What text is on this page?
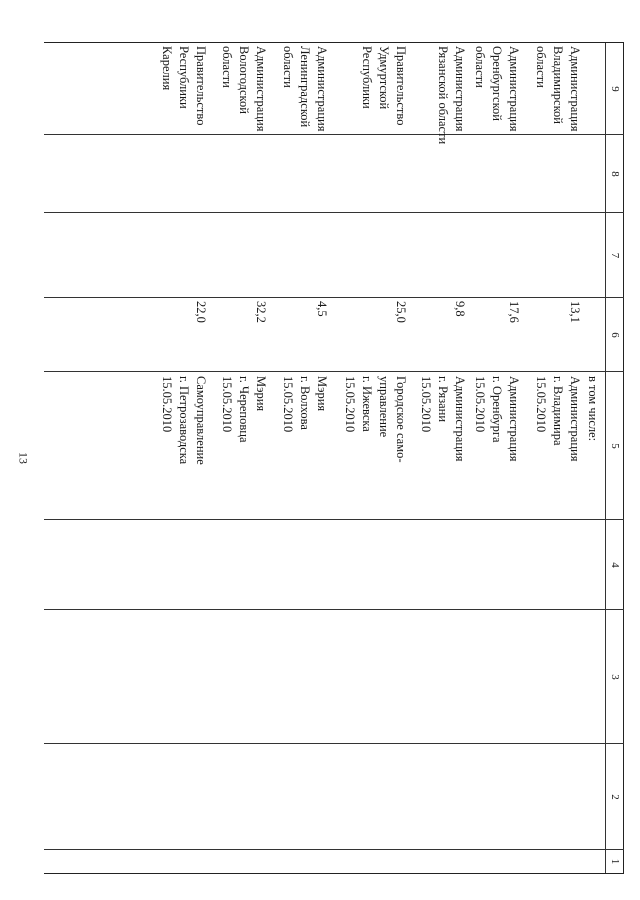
13
9
8
7
6
5
4
3
2
1
в том числе:
Администрация
Владимирской
области
13,1
Администрация
г. Владимира
15.05.2010
Администрация
Оренбургской
области
17,6
Администрация
г. Оренбурга
15.05.2010
Администрация
Рязанской области
9,8
Администрация
г. Рязани
15.05.2010
Правительство
Удмуртской
Республики
25,0
Городское само-
управление
г. Ижевска
15.05.2010
Администрация
Ленинградской
области
4,5
Мэрия
г. Волхова
15.05.2010
Администрация
Вологодской
области
32,2
Мэрия
г. Череповца
15.05.2010
Правительство
Республики
Карелия
22,0
Самоуправление
г. Петрозаводска
15.05.2010
